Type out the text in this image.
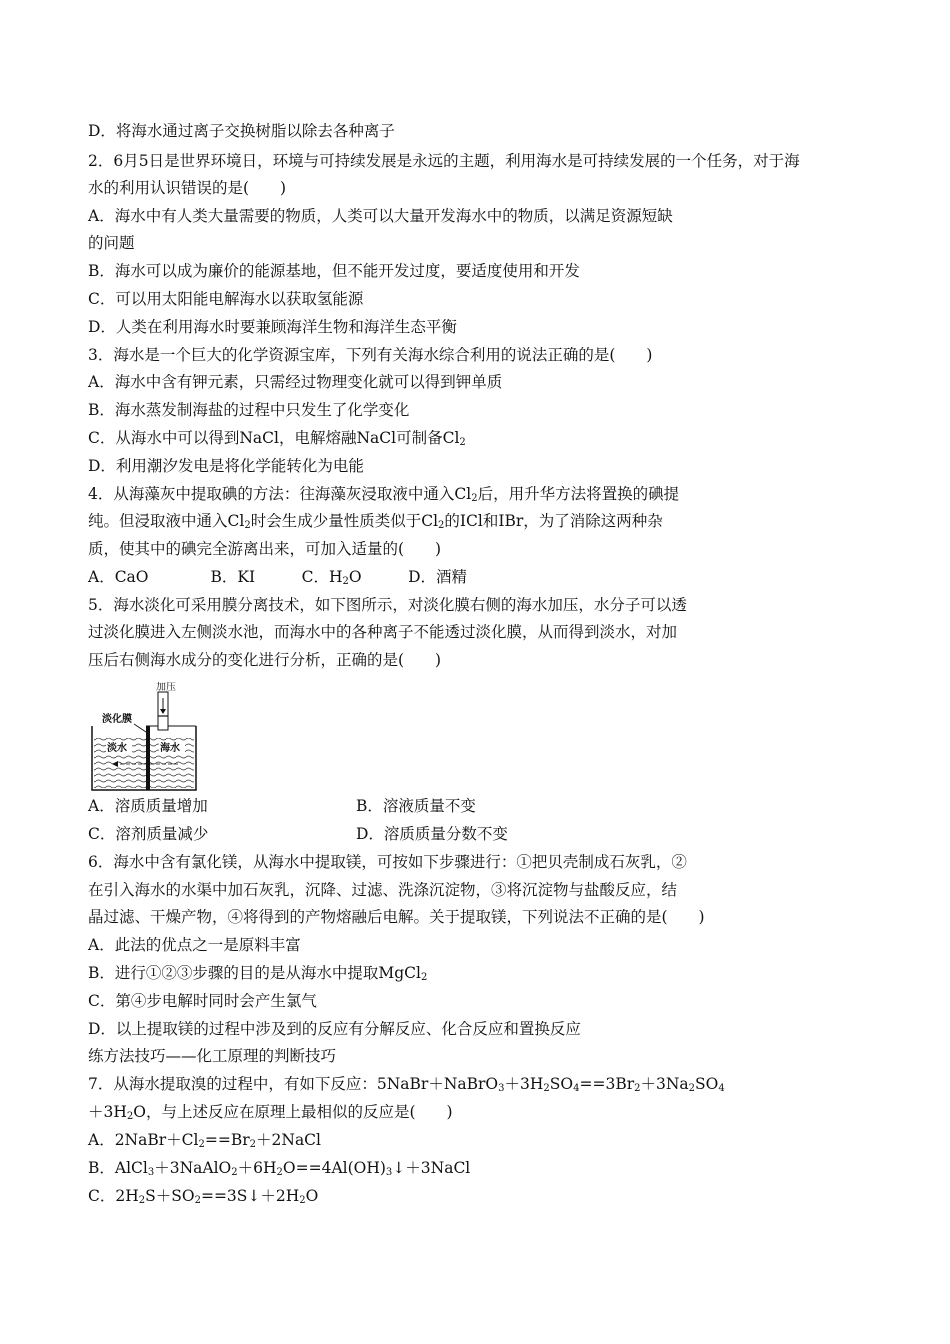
D．将海水通过离子交换树脂以除去各种离子
2．6月5日是世界环境日，环境与可持续发展是永远的主题，利用海水是可持续发展的一个任务，对于海
水的利用认识错误的是(　　)
A．海水中有人类大量需要的物质，人类可以大量开发海水中的物质，以满足资源短缺
的问题
B．海水可以成为廉价的能源基地，但不能开发过度，要适度使用和开发
C．可以用太阳能电解海水以获取氢能源
D．人类在利用海水时要兼顾海洋生物和海洋生态平衡
3．海水是一个巨大的化学资源宝库，下列有关海水综合利用的说法正确的是(　　)
A．海水中含有钾元素，只需经过物理变化就可以得到钾单质
B．海水蒸发制海盐的过程中只发生了化学变化
C．从海水中可以得到NaCl，电解熔融NaCl可制备$Cl_2$
D．利用潮汐发电是将化学能转化为电能
4．从海藻灰中提取碘的方法：往海藻灰浸取液中通入$Cl_2$后，用升华方法将置换的碘提
纯。但浸取液中通入$Cl_2$时会生成少量性质类似于$Cl_2$的ICl和IBr，为了消除这两种杂
质，使其中的碘完全游离出来，可加入适量的(　　)
A．CaO　　　　B．KI　　　C．$H_2O$　　　D．酒精
5．海水淡化可采用膜分离技术，如下图所示，对淡化膜右侧的海水加压，水分子可以透
过淡化膜进入左侧淡水池，而海水中的各种离子不能透过淡化膜，从而得到淡水，对加
压后右侧海水成分的变化进行分析，正确的是(　　)
加压
淡化膜
淡水	海水
A．溶质质量增加	B．溶液质量不变
C．溶剂质量减少	D．溶质质量分数不变
6．海水中含有氯化镁，从海水中提取镁，可按如下步骤进行：①把贝壳制成石灰乳，②
在引入海水的水渠中加石灰乳，沉降、过滤、洗涤沉淀物，③将沉淀物与盐酸反应，结
晶过滤、干燥产物，④将得到的产物熔融后电解。关于提取镁，下列说法不正确的是(　　)
A．此法的优点之一是原料丰富
B．进行①②③步骤的目的是从海水中提取MgCl$_2$
C．第④步电解时同时会产生氯气
D．以上提取镁的过程中涉及到的反应有分解反应、化合反应和置换反应
练方法技巧——化工原理的判断技巧
7．从海水提取溴的过程中，有如下反应：$5NaBr+NaBrO_3+3H_2SO_4==3Br_2+3Na_2SO_4$
$+3H_2O$，与上述反应在原理上最相似的反应是(　　)
A．$2NaBr+Cl_2==Br_2+2NaCl$
B．$AlCl_3+3NaAlO_2+6H_2O==4Al(OH)_3↓+3NaCl$
C．$2H_2S+SO_2==3S↓+2H_2O$
